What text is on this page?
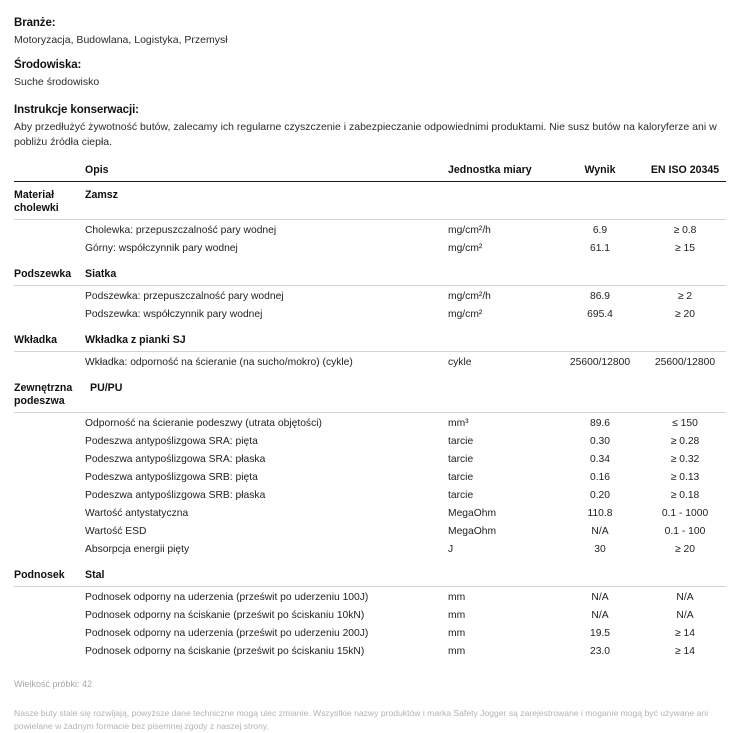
Branże:
Motoryzacja, Budowlana, Logistyka, Przemysł
Środowiska:
Suche środowisko
Instrukcje konserwacji:
Aby przedłużyć żywotność butów, zalecamy ich regularne czyszczenie i zabezpieczanie odpowiednimi produktami. Nie susz butów na kaloryferze ani w pobliżu źródła ciepła.
	Opis	Jednostka miary	Wynik	EN ISO 20345
Materiał cholewki	Zamsz			
	Cholewka: przepuszczalność pary wodnej	mg/cm²/h	6.9	≥ 0.8
	Górny: współczynnik pary wodnej	mg/cm²	61.1	≥ 15
Podszewka	Siatka			
	Podszewka: przepuszczalność pary wodnej	mg/cm²/h	86.9	≥ 2
	Podszewka: współczynnik pary wodnej	mg/cm²	695.4	≥ 20
Wkładka	Wkładka z pianki SJ			
	Wkładka: odporność na ścieranie (na sucho/mokro) (cykle)	cykle	25600/12800	25600/12800
Zewnętrzna podeszwa	PU/PU			
	Odporność na ścieranie podeszwy (utrata objętości)	mm³	89.6	≤ 150
	Podeszwa antypoślizgowa SRA: pięta	tarcie	0.30	≥ 0.28
	Podeszwa antypoślizgowa SRA: płaska	tarcie	0.34	≥ 0.32
	Podeszwa antypoślizgowa SRB: pięta	tarcie	0.16	≥ 0.13
	Podeszwa antypoślizgowa SRB: płaska	tarcie	0.20	≥ 0.18
	Wartość antystatyczna	MegaOhm	110.8	0.1 - 1000
	Wartość ESD	MegaOhm	N/A	0.1 - 100
	Absorpcja energii pięty	J	30	≥ 20
Podnosek	Stal			
	Podnosek odporny na uderzenia (prześwit po uderzeniu 100J)	mm	N/A	N/A
	Podnosek odporny na ściskanie (prześwit po ściskaniu 10kN)	mm	N/A	N/A
	Podnosek odporny na uderzenia (prześwit po uderzeniu 200J)	mm	19.5	≥ 14
	Podnosek odporny na ściskanie (prześwit po ściskaniu 15kN)	mm	23.0	≥ 14
Wielkość próbki: 42
Nasze buty stale się rozwijają, powyższe dane techniczne mogą ulec zmianie. Wszystkie nazwy produktów i marka Safety Jogger są zarejestrowane i moganie mogą być używane ani powielane w żadnym formacie bez pisemnej zgody z naszej strony.
